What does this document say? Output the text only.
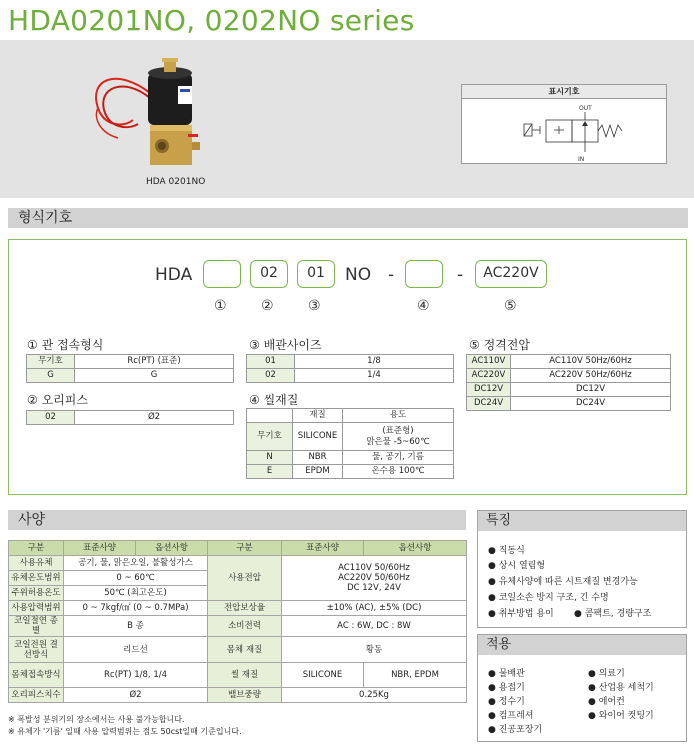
HDA0201NO, 0202NO series
HDA 0201NO
표시기호
OUT
IN
형식기호
HDA	02	01	NO -	-	AC220V
① ② ③	④	⑤
① 관 접속형식
무기호	Rc(PT) (표준)
G	G
② 오리피스
02	Ø2
③ 배관사이즈
01	1/8
02	1/4
④ 씰재질
	재질	용도
무기호	SILICONE	(표준형)
맑은물 -5~60℃

N	NBR	물, 공기, 기름
E	EPDM	온수용 100℃
⑤ 정격전압
AC110V	AC110V 50Hz/60Hz
AC220V	AC220V 50Hz/60Hz
DC12V	DC12V
DC24V	DC24V
사양
구분	표준사양	옵션사항	구분	표준사양	옵션사항
사용유체	공기, 물, 맑은오일, 불활성가스		사용전압	AC110V 50/60Hz
AC220V 50/60Hz
DC 12V, 24V	

유체온도범위	0 ~ 60℃				
주위허용온도	50℃ (최고온도)				
사용압력범위	0 ~ 7kgf/㎠ (0 ~ 0.7MPa)		전압보상율	±10% (AC), ±5% (DC)	
코일절연 종별	B 종		소비전력	AC : 6W, DC : 8W	
코일전원 결선방식	리드선		몸체 재질	황동	
몸체접속방식	Rc(PT) 1/8, 1/4		씰 재질	SILICONE	NBR, EPDM
오리피스치수	Ø2		밸브중량	0.25Kg	
※ 폭발성 분위기의 장소에서는 사용 불가능합니다.
※ 유체가 '기름' 일때 사용 압력범위는 점도 50cst일때 기준입니다.
특징
● 직동식
● 상시 열림형
● 유체사양에 따른 시트재질 변경가능
● 코일소손 방지 구조, 긴 수명
● 취부방법 용이 ● 콤팩트, 경량구조
적용
● 물배관
● 용접기
● 정수기
● 컴프레셔
● 진공포장기
● 의료기
● 산업용 세척기
● 에어컨
● 와이어 컷팅기
